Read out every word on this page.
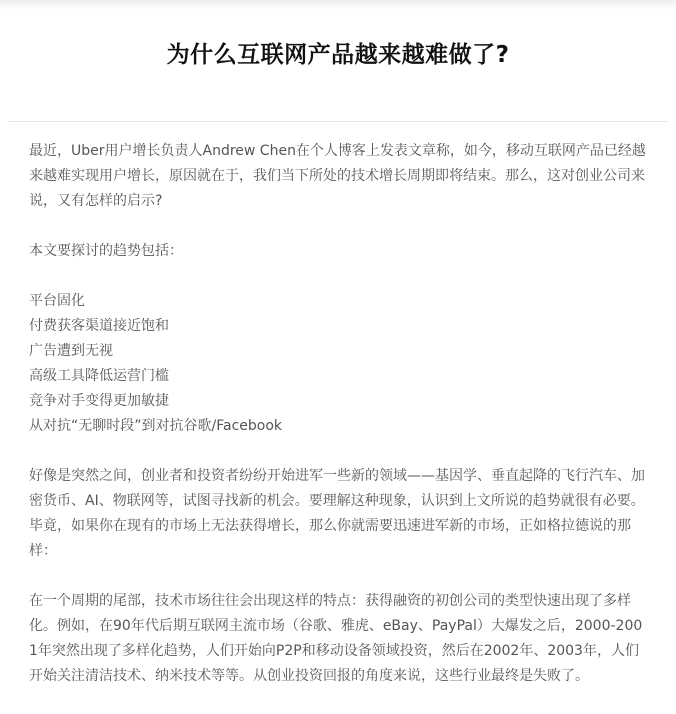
为什么互联网产品越来越难做了?

最近，Uber用户增长负责人Andrew Chen在个人博客上发表文章称，如今，移动互联网产品已经越来越难实现用户增长，原因就在于，我们当下所处的技术增长周期即将结束。那么，这对创业公司来说，又有怎样的启示?

本文要探讨的趋势包括：

平台固化
付费获客渠道接近饱和
广告遭到无视
高级工具降低运营门槛
竞争对手变得更加敏捷
从对抗“无聊时段”到对抗谷歌/Facebook

好像是突然之间，创业者和投资者纷纷开始进军一些新的领域——基因学、垂直起降的飞行汽车、加密货币、AI、物联网等，试图寻找新的机会。要理解这种现象，认识到上文所说的趋势就很有必要。毕竟，如果你在现有的市场上无法获得增长，那么你就需要迅速进军新的市场，正如格拉德说的那样：

在一个周期的尾部，技术市场往往会出现这样的特点：获得融资的初创公司的类型快速出现了多样化。例如，在90年代后期互联网主流市场（谷歌、雅虎、eBay、PayPal）大爆发之后，2000-2001年突然出现了多样化趋势，人们开始向P2P和移动设备领域投资，然后在2002年、2003年，人们开始关注清洁技术、纳米技术等等。从创业投资回报的角度来说，这些行业最终是失败了。
